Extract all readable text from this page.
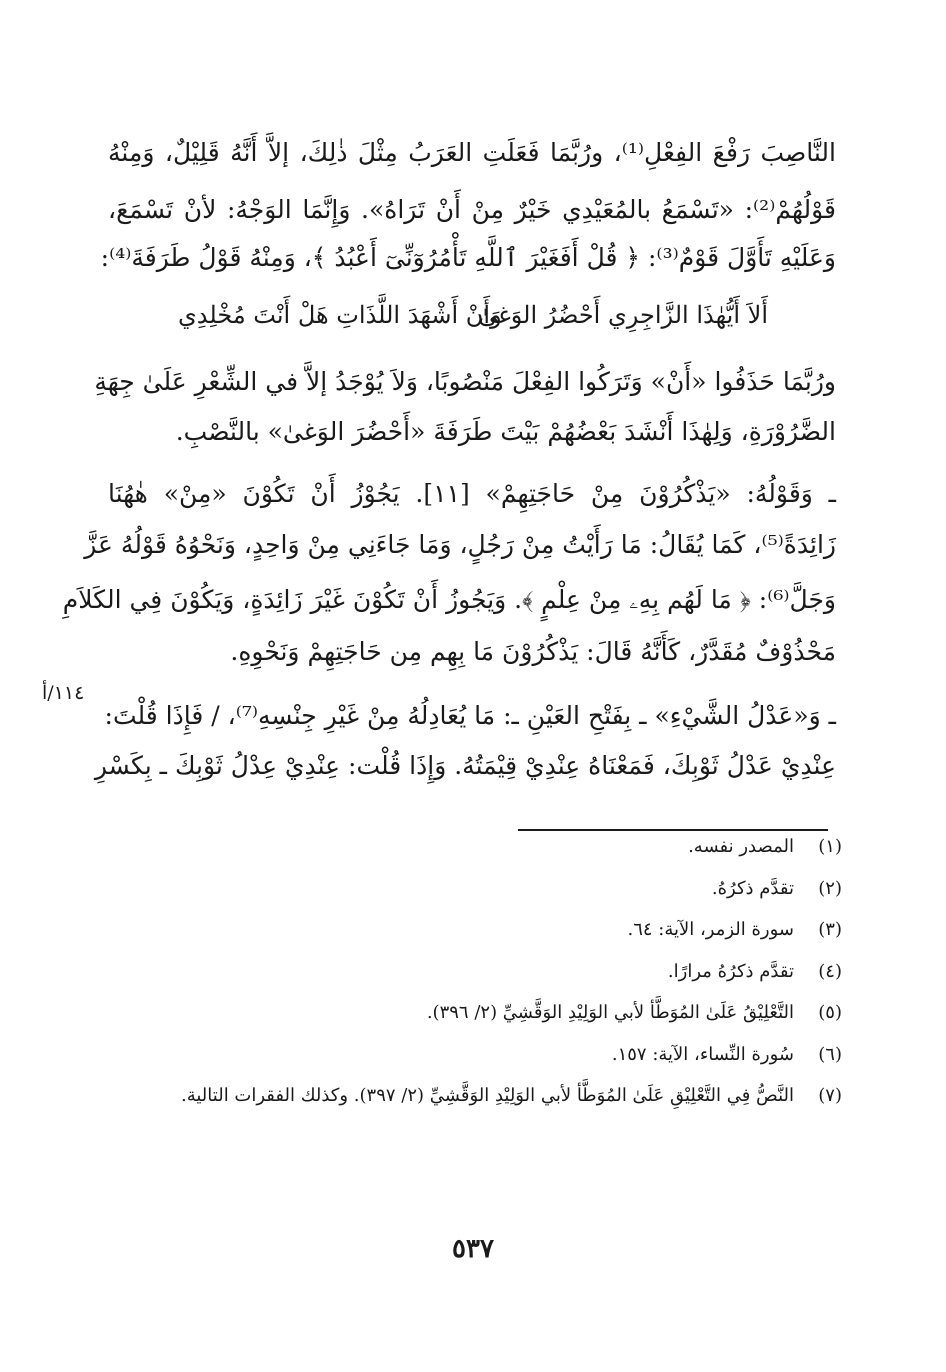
النَّاصِبَ رَفْعَ الفِعْلِ⁽¹⁾، ورُبَّمَا فَعَلَتِ العَرَبُ مِثْلَ ذٰلِكَ، إلاَّ أَنَّهُ قَلِيْلٌ، وَمِنْهُ
قَوْلُهُمْ⁽²⁾: «تَسْمَعُ بالمُعَيْدِي خَيْرٌ مِنْ أَنْ تَرَاهُ». وَإِنَّمَا الوَجْهُ: لأنْ تَسْمَعَ،
وَعَلَيْهِ تَأَوَّلَ قَوْمٌ⁽³⁾: ﴿ قُلْ أَفَغَيْرَ ٱللَّهِ تَأْمُرُوٓنِّىٓ أَعْبُدُ ﴾، وَمِنْهُ قَوْلُ طَرَفَةَ⁽⁴⁾:
أَلاَ أَيُّهٰذَا الزَّاجِرِي أَحْضُرُ الوَغىٰ
وَأَنْ أَشْهَدَ اللَّذَاتِ هَلْ أَنْتَ مُخْلِدِي
ورُبَّمَا حَذَفُوا «أَنْ» وَتَرَكُوا الفِعْلَ مَنْصُوبًا، وَلاَ يُوْجَدُ إلاَّ في الشِّعْرِ عَلَىٰ جِهَةِ
الضَّرُوْرَةِ، وَلِهٰذَا أَنْشَدَ بَعْضُهُمْ بَيْتَ طَرَفَةَ «أَحْضُرَ الوَغىٰ» بالنَّصْبِ.
ـ وَقَوْلُهُ: «يَذْكُرُوْنَ مِنْ حَاجَتِهِمْ» [١١]. يَجُوْزُ أَنْ تَكُوْنَ «مِنْ» هٰهُنَا
زَائِدَةً⁽⁵⁾، كَمَا يُقَالُ: مَا رَأَيْتُ مِنْ رَجُلٍ، وَمَا جَاءَنِي مِنْ وَاحِدٍ، وَنَحْوُهُ قَوْلُهُ عَزَّ
وَجَلَّ⁽⁶⁾: ﴿ مَا لَهُم بِهِۦ مِنْ عِلْمٍ ﴾. وَيَجُوزُ أَنْ تَكُوْنَ غَيْرَ زَائِدَةٍ، وَيَكُوْنَ فِي الكَلاَمِ
مَحْذُوْفٌ مُقَدَّرٌ، كَأَنَّهُ قَالَ: يَذْكُرُوْنَ مَا بِهِم مِن حَاجَتِهِمْ وَنَحْوِهِ.
ـ وَ«عَدْلُ الشَّيْءِ» ـ بِفَتْحِ العَيْنِ ـ: مَا يُعَادِلُهُ مِنْ غَيْرِ جِنْسِهِ⁽⁷⁾، / فَإِذَا قُلْتَ:
عِنْدِيْ عَدْلُ ثَوْبِكَ، فَمَعْنَاهُ عِنْدِيْ قِيْمَتُهُ. وَإِذَا قُلْت: عِنْدِيْ عِدْلُ ثَوْبِكَ ـ بِكَسْرِ
١١٤/أ
(١)المصدر نفسه.
(٢)تقدَّم ذكرُهُ.
(٣)سورة الزمر، الآية: ٦٤.
(٤)تقدَّم ذكرُهُ مرارًا.
(٥)التَّعْلِيْقُ عَلَىٰ المُوَطَّأ لأبي الوَلِيْدِ الوَقَّشِيِّ (٢/ ٣٩٦).
(٦)سُورة النِّساء، الآية: ١٥٧.
(٧)النَّصُّ فِي التَّعْلِيْقِ عَلَىٰ المُوَطَّأ لأبي الوَلِيْدِ الوَقَّشِيِّ (٢/ ٣٩٧). وكذلك الفقرات التالية.
٥٣٧
